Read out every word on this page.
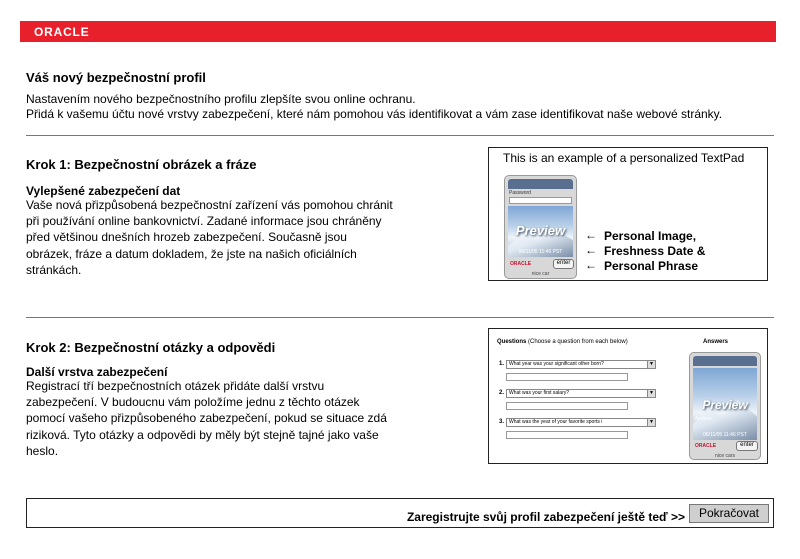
ORACLE
Váš nový bezpečnostní profil
Nastavením nového bezpečnostního profilu zlepšíte svou online ochranu.
Přidá k vašemu účtu nové vrstvy zabezpečení, které nám pomohou vás identifikovat a vám zase identifikovat naše webové stránky.
Krok 1: Bezpečnostní obrázek a fráze
Vylepšené zabezpečení dat
Vaše nová přizpůsobená bezpečnostní zařízení vás pomohou chránit
při používání online bankovnictví. Zadané informace jsou chráněny
před většinou dnešních hrozeb zabezpečení. Současně jsou
obrázek, fráze a datum dokladem, že jste na našich oficiálních
stránkách.
This is an example of a personalized TextPad
Password
Preview
06/11/05 11:46 PST
ORACLE	enter
nice car
←
←
←
Personal Image,
Freshness Date &
Personal Phrase
Krok 2: Bezpečnostní otázky a odpovědi
Další vrstva zabezpečení
Registrací tří bezpečnostních otázek přidáte další vrstvu
zabezpečení. V budoucnu vám položíme jednu z těchto otázek
pomocí vašeho přizpůsobeného zabezpečení, pokud se situace zdá
riziková. Tyto otázky a odpovědi by měly být stejně tajné jako vaše
heslo.
Questions (Choose a question from each below)	Answers
1. What year was your significant other born?	▼
2. What was your first salary?	▼
3. What was the year of your favorite sports i	▼
Preview
Answer
06/11/05 11:46 PST
ORACLE	enter
nice cars
Zaregistrujte svůj profil zabezpečení ještě teď >>	Pokračovat
